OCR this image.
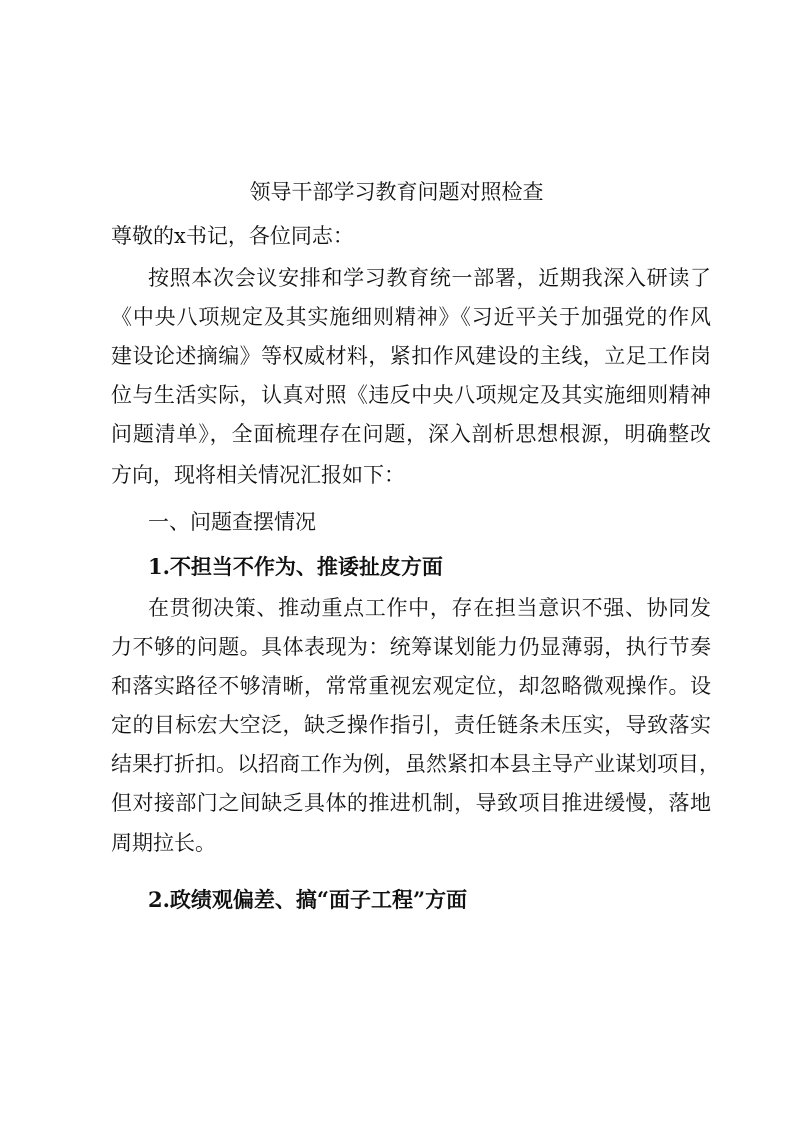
领导干部学习教育问题对照检查
尊敬的x书记，各位同志：
按照本次会议安排和学习教育统一部署，近期我深入研读了
《中央八项规定及其实施细则精神》《习近平关于加强党的作风
建设论述摘编》等权威材料，紧扣作风建设的主线，立足工作岗
位与生活实际，认真对照《违反中央八项规定及其实施细则精神
问题清单》，全面梳理存在问题，深入剖析思想根源，明确整改
方向，现将相关情况汇报如下：
一、问题查摆情况
1.不担当不作为、推诿扯皮方面
在贯彻决策、推动重点工作中，存在担当意识不强、协同发
力不够的问题。具体表现为：统筹谋划能力仍显薄弱，执行节奏
和落实路径不够清晰，常常重视宏观定位，却忽略微观操作。设
定的目标宏大空泛，缺乏操作指引，责任链条未压实，导致落实
结果打折扣。以招商工作为例，虽然紧扣本县主导产业谋划项目，
但对接部门之间缺乏具体的推进机制，导致项目推进缓慢，落地
周期拉长。
2.政绩观偏差、搞“面子工程”方面
